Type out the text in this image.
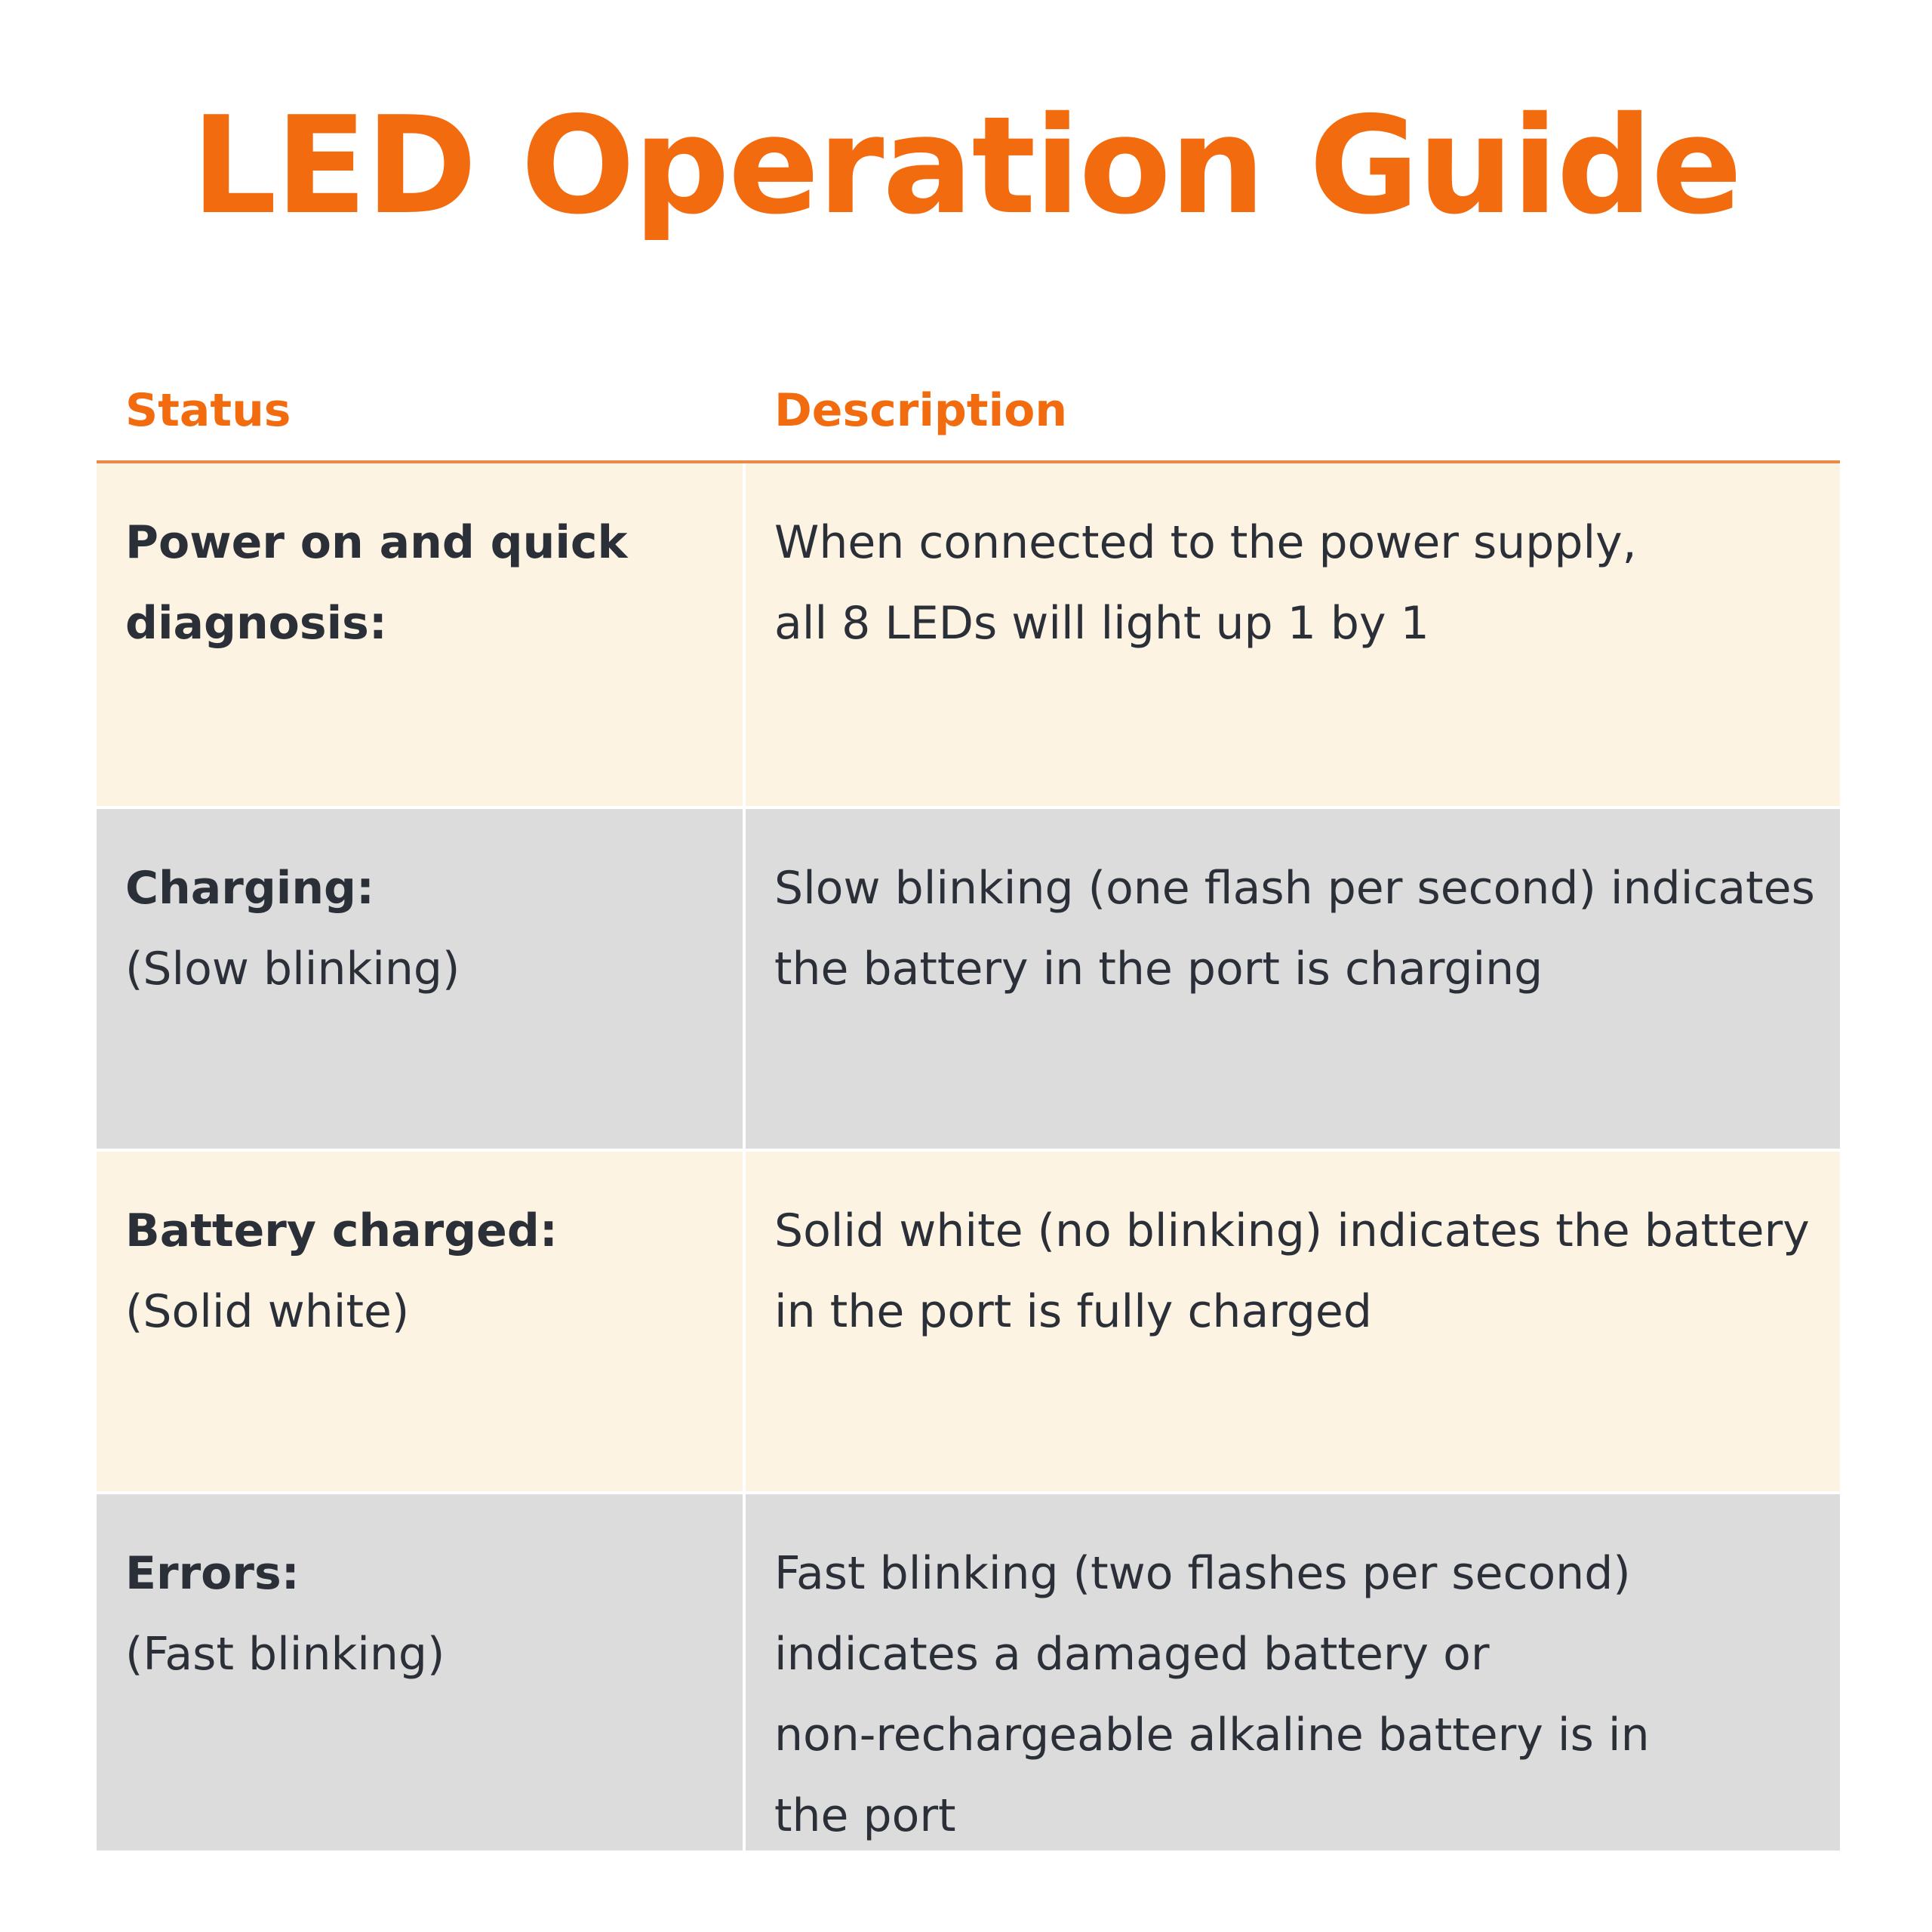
LED Operation Guide
Status	Description
Power on and quick
diagnosis:
When connected to the power supply,
all 8 LEDs will light up 1 by 1
Charging:
(Slow blinking)
Slow blinking (one flash per second) indicates
the battery in the port is charging
Battery charged:
(Solid white)
Solid white (no blinking) indicates the battery
in the port is fully charged
Errors:
(Fast blinking)
Fast blinking (two flashes per second)
indicates a damaged battery or
non-rechargeable alkaline battery is in
the port
